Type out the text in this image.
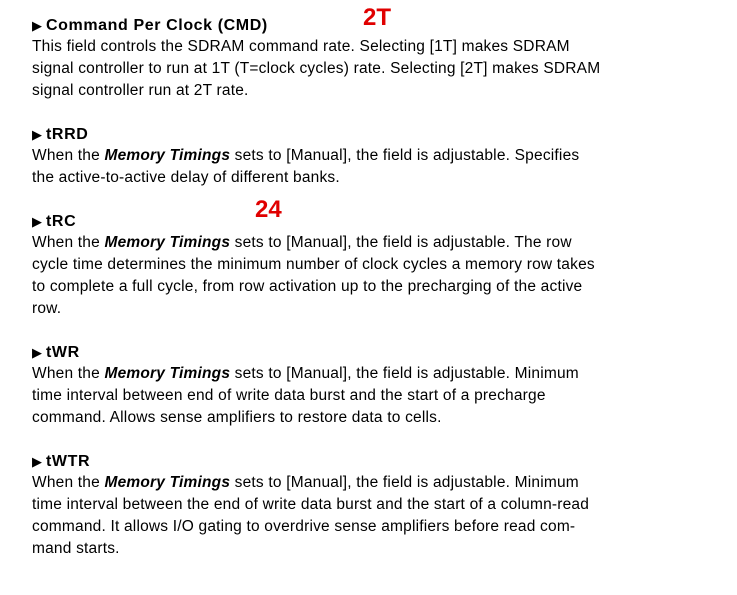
▶ Command Per Clock (CMD)	2T

This field controls the SDRAM command rate. Selecting [1T] makes SDRAM
signal controller to run at 1T (T=clock cycles) rate. Selecting [2T] makes SDRAM
signal controller run at 2T rate.

▶ tRRD

When the Memory Timings sets to [Manual], the field is adjustable. Specifies
the active-to-active delay of different banks.

▶ tRC	24

When the Memory Timings sets to [Manual], the field is adjustable. The row
cycle time determines the minimum number of clock cycles a memory row takes
to complete a full cycle, from row activation up to the precharging of the active
row.

▶ tWR

When the Memory Timings sets to [Manual], the field is adjustable. Minimum
time interval between end of write data burst and the start of a precharge
command. Allows sense amplifiers to restore data to cells.

▶ tWTR

When the Memory Timings sets to [Manual], the field is adjustable. Minimum
time interval between the end of write data burst and the start of a column-read
command. It allows I/O gating to overdrive sense amplifiers before read com-
mand starts.
